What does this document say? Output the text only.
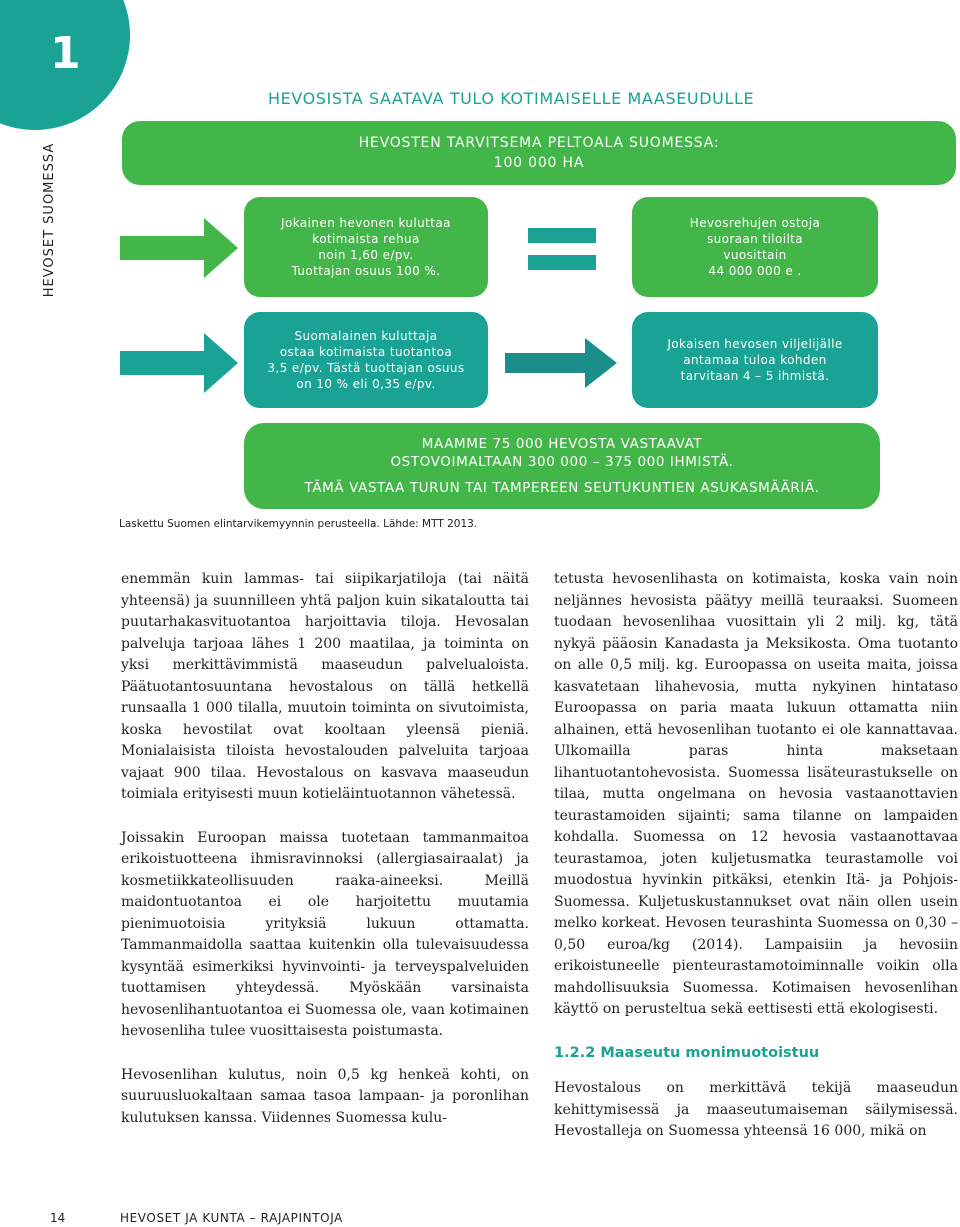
1
HEVOSET SUOMESSA
HEVOSISTA SAATAVA TULO KOTIMAISELLE MAASEUDULLE
HEVOSTEN TARVITSEMA PELTOALA SUOMESSA:
100 000 HA
Jokainen hevonen kuluttaa
kotimaista rehua
noin 1,60 e/pv.
Tuottajan osuus 100 %.
Hevosrehujen ostoja
suoraan tiloilta
vuosittain
44 000 000 e .
Suomalainen kuluttaja
ostaa kotimaista tuotantoa
3,5 e/pv. Tästä tuottajan osuus
on 10 % eli 0,35 e/pv.
Jokaisen hevosen viljelijälle
antamaa tuloa kohden
tarvitaan 4 – 5 ihmistä.
MAAMME 75 000 HEVOSTA VASTAAVAT
OSTOVOIMALTAAN 300 000 – 375 000 IHMISTÄ.
TÄMÄ VASTAA TURUN TAI TAMPEREEN SEUTUKUNTIEN ASUKASMÄÄRIÄ.
Laskettu Suomen elintarvikemyynnin perusteella. Lähde: MTT 2013.

enemmän kuin lammas- tai siipikarjatiloja (tai näitä yhteensä) ja suunnilleen yhtä paljon kuin sikataloutta tai puutarhakasvituotantoa harjoittavia tiloja. Hevosalan palveluja tarjoaa lähes 1 200 maatilaa, ja toiminta on yksi merkittävimmistä maaseudun palvelualoista. Päätuotantosuuntana hevostalous on tällä hetkellä runsaalla 1 000 tilalla, muutoin toiminta on sivutoimista, koska hevostilat ovat kooltaan yleensä pieniä. Monialaisista tiloista hevostalouden palveluita tarjoaa vajaat 900 tilaa. Hevostalous on kasvava maaseudun toimiala erityisesti muun kotieläintuotannon vähetessä.

Joissakin Euroopan maissa tuotetaan tammanmaitoa erikoistuotteena ihmisravinnoksi (allergiasairaalat) ja kosmetiikkateollisuuden raaka-aineeksi. Meillä maidontuotantoa ei ole harjoitettu muutamia pienimuotoisia yrityksiä lukuun ottamatta. Tammanmaidolla saattaa kuitenkin olla tulevaisuudessa kysyntää esimerkiksi hyvinvointi- ja terveyspalveluiden tuottamisen yhteydessä. Myöskään varsinaista hevosenlihantuotantoa ei Suomessa ole, vaan kotimainen hevosenliha tulee vuosittaisesta poistumasta.

Hevosenlihan kulutus, noin 0,5 kg henkeä kohti, on suuruusluokaltaan samaa tasoa lampaan- ja poronlihan kulutuksen kanssa. Viidennes Suomessa kulu-

tetusta hevosenlihasta on kotimaista, koska vain noin neljännes hevosista päätyy meillä teuraaksi. Suomeen tuodaan hevosenlihaa vuosittain yli 2 milj. kg, tätä nykyä pääosin Kanadasta ja Meksikosta. Oma tuotanto on alle 0,5 milj. kg. Euroopassa on useita maita, joissa kasvatetaan lihahevosia, mutta nykyinen hintataso Euroopassa on paria maata lukuun ottamatta niin alhainen, että hevosenlihan tuotanto ei ole kannattavaa. Ulkomailla paras hinta maksetaan lihantuotantohevosista. Suomessa lisäteurastukselle on tilaa, mutta ongelmana on hevosia vastaanottavien teurastamoiden sijainti; sama tilanne on lampaiden kohdalla. Suomessa on 12 hevosia vastaanottavaa teurastamoa, joten kuljetusmatka teurastamolle voi muodostua hyvinkin pitkäksi, etenkin Itä- ja Pohjois-Suomessa. Kuljetuskustannukset ovat näin ollen usein melko korkeat. Hevosen teurashinta Suomessa on 0,30 – 0,50 euroa/kg (2014). Lampaisiin ja hevosiin erikoistuneelle pienteurastamotoiminnalle voikin olla mahdollisuuksia Suomessa. Kotimaisen hevosenlihan käyttö on perusteltua sekä eettisesti että ekologisesti.

1.2.2 Maaseutu monimuotoistuu

Hevostalous on merkittävä tekijä maaseudun kehittymisessä ja maaseutumaiseman säilymisessä. Hevostalleja on Suomessa yhteensä 16 000, mikä on

14	HEVOSET JA KUNTA – RAJAPINTOJA
